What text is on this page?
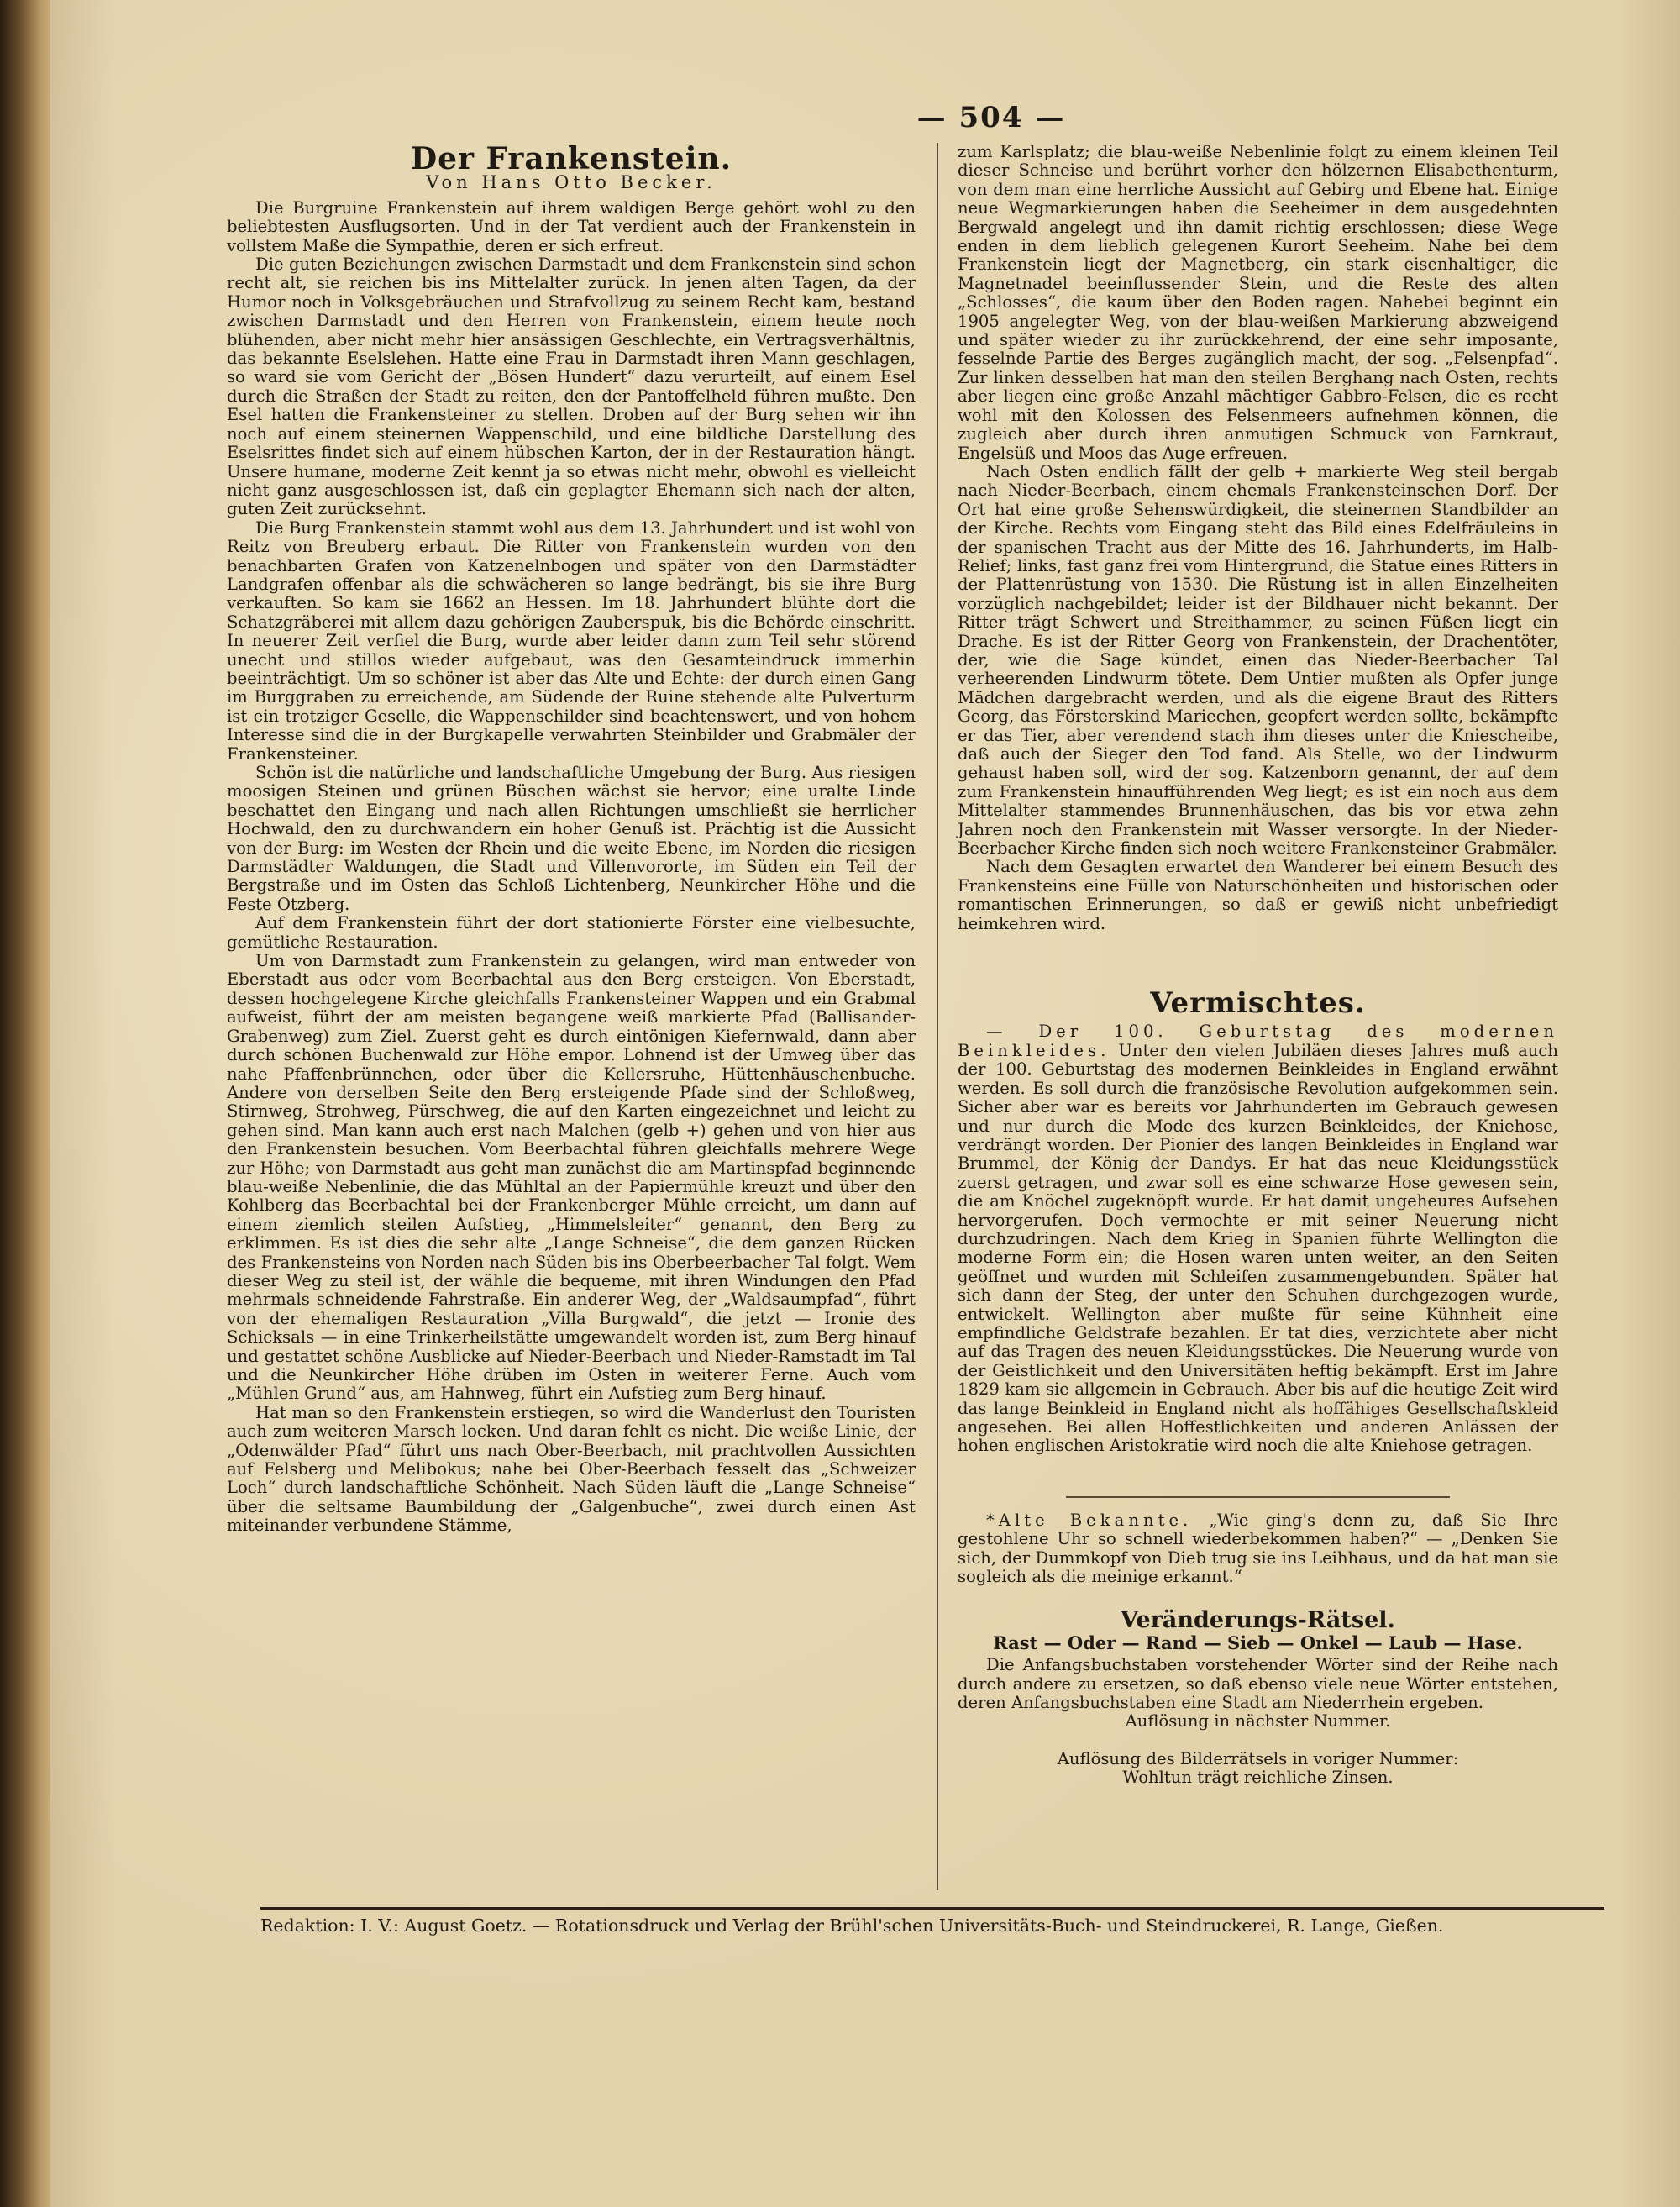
— 504 —
Der Frankenstein.
Von Hans Otto Becker.

Die Burgruine Frankenstein auf ihrem waldigen Berge gehört wohl zu den beliebtesten Ausflugsorten. Und in der Tat verdient auch der Frankenstein in vollstem Maße die Sympathie, deren er sich erfreut.

Die guten Beziehungen zwischen Darmstadt und dem Frankenstein sind schon recht alt, sie reichen bis ins Mittelalter zurück. In jenen alten Tagen, da der Humor noch in Volksgebräuchen und Strafvollzug zu seinem Recht kam, bestand zwischen Darmstadt und den Herren von Frankenstein, einem heute noch blühenden, aber nicht mehr hier ansässigen Geschlechte, ein Vertragsverhältnis, das bekannte Eselslehen. Hatte eine Frau in Darmstadt ihren Mann geschlagen, so ward sie vom Gericht der „Bösen Hundert“ dazu verurteilt, auf einem Esel durch die Straßen der Stadt zu reiten, den der Pantoffelheld führen mußte. Den Esel hatten die Frankensteiner zu stellen. Droben auf der Burg sehen wir ihn noch auf einem steinernen Wappenschild, und eine bildliche Darstellung des Eselsrittes findet sich auf einem hübschen Karton, der in der Restauration hängt. Unsere humane, moderne Zeit kennt ja so etwas nicht mehr, obwohl es vielleicht nicht ganz ausgeschlossen ist, daß ein geplagter Ehemann sich nach der alten, guten Zeit zurücksehnt.

Die Burg Frankenstein stammt wohl aus dem 13. Jahrhundert und ist wohl von Reitz von Breuberg erbaut. Die Ritter von Frankenstein wurden von den benachbarten Grafen von Katzenelnbogen und später von den Darmstädter Landgrafen offenbar als die schwächeren so lange bedrängt, bis sie ihre Burg verkauften. So kam sie 1662 an Hessen. Im 18. Jahrhundert blühte dort die Schatzgräberei mit allem dazu gehörigen Zauberspuk, bis die Behörde einschritt. In neuerer Zeit verfiel die Burg, wurde aber leider dann zum Teil sehr störend unecht und stillos wieder aufgebaut, was den Gesamteindruck immerhin beeinträchtigt. Um so schöner ist aber das Alte und Echte: der durch einen Gang im Burggraben zu erreichende, am Südende der Ruine stehende alte Pulverturm ist ein trotziger Geselle, die Wappenschilder sind beachtenswert, und von hohem Interesse sind die in der Burgkapelle verwahrten Steinbilder und Grabmäler der Frankensteiner.

Schön ist die natürliche und landschaftliche Umgebung der Burg. Aus riesigen moosigen Steinen und grünen Büschen wächst sie hervor; eine uralte Linde beschattet den Eingang und nach allen Richtungen umschließt sie herrlicher Hochwald, den zu durchwandern ein hoher Genuß ist. Prächtig ist die Aussicht von der Burg: im Westen der Rhein und die weite Ebene, im Norden die riesigen Darmstädter Waldungen, die Stadt und Villenvororte, im Süden ein Teil der Bergstraße und im Osten das Schloß Lichtenberg, Neunkircher Höhe und die Feste Otzberg.

Auf dem Frankenstein führt der dort stationierte Förster eine vielbesuchte, gemütliche Restauration.

Um von Darmstadt zum Frankenstein zu gelangen, wird man entweder von Eberstadt aus oder vom Beerbachtal aus den Berg ersteigen. Von Eberstadt, dessen hochgelegene Kirche gleichfalls Frankensteiner Wappen und ein Grabmal aufweist, führt der am meisten begangene weiß markierte Pfad (Ballisander-Grabenweg) zum Ziel. Zuerst geht es durch eintönigen Kiefernwald, dann aber durch schönen Buchenwald zur Höhe empor. Lohnend ist der Umweg über das nahe Pfaffenbrünnchen, oder über die Kellersruhe, Hüttenhäuschenbuche. Andere von derselben Seite den Berg ersteigende Pfade sind der Schloßweg, Stirnweg, Strohweg, Pürschweg, die auf den Karten eingezeichnet und leicht zu gehen sind. Man kann auch erst nach Malchen (gelb +) gehen und von hier aus den Frankenstein besuchen. Vom Beerbachtal führen gleichfalls mehrere Wege zur Höhe; von Darmstadt aus geht man zunächst die am Martinspfad beginnende blau-weiße Nebenlinie, die das Mühltal an der Papiermühle kreuzt und über den Kohlberg das Beerbachtal bei der Frankenberger Mühle erreicht, um dann auf einem ziemlich steilen Aufstieg, „Himmelsleiter“ genannt, den Berg zu erklimmen. Es ist dies die sehr alte „Lange Schneise“, die dem ganzen Rücken des Frankensteins von Norden nach Süden bis ins Oberbeerbacher Tal folgt. Wem dieser Weg zu steil ist, der wähle die bequeme, mit ihren Windungen den Pfad mehrmals schneidende Fahrstraße. Ein anderer Weg, der „Waldsaumpfad“, führt von der ehemaligen Restauration „Villa Burgwald“, die jetzt — Ironie des Schicksals — in eine Trinkerheilstätte umgewandelt worden ist, zum Berg hinauf und gestattet schöne Ausblicke auf Nieder-Beerbach und Nieder-Ramstadt im Tal und die Neunkircher Höhe drüben im Osten in weiterer Ferne. Auch vom „Mühlen Grund“ aus, am Hahnweg, führt ein Aufstieg zum Berg hinauf.

Hat man so den Frankenstein erstiegen, so wird die Wanderlust den Touristen auch zum weiteren Marsch locken. Und daran fehlt es nicht. Die weiße Linie, der „Odenwälder Pfad“ führt uns nach Ober-Beerbach, mit prachtvollen Aussichten auf Felsberg und Melibokus; nahe bei Ober-Beerbach fesselt das „Schweizer Loch“ durch landschaftliche Schönheit. Nach Süden läuft die „Lange Schneise“ über die seltsame Baumbildung der „Galgenbuche“, zwei durch einen Ast miteinander verbundene Stämme,

zum Karlsplatz; die blau-weiße Nebenlinie folgt zu einem kleinen Teil dieser Schneise und berührt vorher den hölzernen Elisabethenturm, von dem man eine herrliche Aussicht auf Gebirg und Ebene hat. Einige neue Wegmarkierungen haben die Seeheimer in dem ausgedehnten Bergwald angelegt und ihn damit richtig erschlossen; diese Wege enden in dem lieblich gelegenen Kurort Seeheim. Nahe bei dem Frankenstein liegt der Magnetberg, ein stark eisenhaltiger, die Magnetnadel beeinflussender Stein, und die Reste des alten „Schlosses“, die kaum über den Boden ragen. Nahebei beginnt ein 1905 angelegter Weg, von der blau-weißen Markierung abzweigend und später wieder zu ihr zurückkehrend, der eine sehr imposante, fesselnde Partie des Berges zugänglich macht, der sog. „Felsenpfad“. Zur linken desselben hat man den steilen Berghang nach Osten, rechts aber liegen eine große Anzahl mächtiger Gabbro-Felsen, die es recht wohl mit den Kolossen des Felsenmeers aufnehmen können, die zugleich aber durch ihren anmutigen Schmuck von Farnkraut, Engelsüß und Moos das Auge erfreuen.

Nach Osten endlich fällt der gelb + markierte Weg steil bergab nach Nieder-Beerbach, einem ehemals Frankensteinschen Dorf. Der Ort hat eine große Sehenswürdigkeit, die steinernen Standbilder an der Kirche. Rechts vom Eingang steht das Bild eines Edelfräuleins in der spanischen Tracht aus der Mitte des 16. Jahrhunderts, im Halb-Relief; links, fast ganz frei vom Hintergrund, die Statue eines Ritters in der Plattenrüstung von 1530. Die Rüstung ist in allen Einzelheiten vorzüglich nachgebildet; leider ist der Bildhauer nicht bekannt. Der Ritter trägt Schwert und Streithammer, zu seinen Füßen liegt ein Drache. Es ist der Ritter Georg von Frankenstein, der Drachentöter, der, wie die Sage kündet, einen das Nieder-Beerbacher Tal verheerenden Lindwurm tötete. Dem Untier mußten als Opfer junge Mädchen dargebracht werden, und als die eigene Braut des Ritters Georg, das Försterskind Mariechen, geopfert werden sollte, bekämpfte er das Tier, aber verendend stach ihm dieses unter die Kniescheibe, daß auch der Sieger den Tod fand. Als Stelle, wo der Lindwurm gehaust haben soll, wird der sog. Katzenborn genannt, der auf dem zum Frankenstein hinaufführenden Weg liegt; es ist ein noch aus dem Mittelalter stammendes Brunnenhäuschen, das bis vor etwa zehn Jahren noch den Frankenstein mit Wasser versorgte. In der Nieder-Beerbacher Kirche finden sich noch weitere Frankensteiner Grabmäler.

Nach dem Gesagten erwartet den Wanderer bei einem Besuch des Frankensteins eine Fülle von Naturschönheiten und historischen oder romantischen Erinnerungen, so daß er gewiß nicht unbefriedigt heimkehren wird.

Vermischtes.

— Der 100. Geburtstag des modernen Beinkleides. Unter den vielen Jubiläen dieses Jahres muß auch der 100. Geburtstag des modernen Beinkleides in England erwähnt werden. Es soll durch die französische Revolution aufgekommen sein. Sicher aber war es bereits vor Jahrhunderten im Gebrauch gewesen und nur durch die Mode des kurzen Beinkleides, der Kniehose, verdrängt worden. Der Pionier des langen Beinkleides in England war Brummel, der König der Dandys. Er hat das neue Kleidungsstück zuerst getragen, und zwar soll es eine schwarze Hose gewesen sein, die am Knöchel zugeknöpft wurde. Er hat damit ungeheures Aufsehen hervorgerufen. Doch vermochte er mit seiner Neuerung nicht durchzudringen. Nach dem Krieg in Spanien führte Wellington die moderne Form ein; die Hosen waren unten weiter, an den Seiten geöffnet und wurden mit Schleifen zusammengebunden. Später hat sich dann der Steg, der unter den Schuhen durchgezogen wurde, entwickelt. Wellington aber mußte für seine Kühnheit eine empfindliche Geldstrafe bezahlen. Er tat dies, verzichtete aber nicht auf das Tragen des neuen Kleidungsstückes. Die Neuerung wurde von der Geistlichkeit und den Universitäten heftig bekämpft. Erst im Jahre 1829 kam sie allgemein in Gebrauch. Aber bis auf die heutige Zeit wird das lange Beinkleid in England nicht als hoffähiges Gesellschaftskleid angesehen. Bei allen Hoffestlichkeiten und anderen Anlässen der hohen englischen Aristokratie wird noch die alte Kniehose getragen.

*Alte Bekannte. „Wie ging's denn zu, daß Sie Ihre gestohlene Uhr so schnell wiederbekommen haben?“ — „Denken Sie sich, der Dummkopf von Dieb trug sie ins Leihhaus, und da hat man sie sogleich als die meinige erkannt.“

Veränderungs-Rätsel.
Rast — Oder — Rand — Sieb — Onkel — Laub — Hase.

Die Anfangsbuchstaben vorstehender Wörter sind der Reihe nach durch andere zu ersetzen, so daß ebenso viele neue Wörter entstehen, deren Anfangsbuchstaben eine Stadt am Niederrhein ergeben.

Auflösung in nächster Nummer.

Auflösung des Bilderrätsels in voriger Nummer:

Wohltun trägt reichliche Zinsen.

Redaktion: I. V.: August Goetz. — Rotationsdruck und Verlag der Brühl'schen Universitäts-Buch- und Steindruckerei, R. Lange, Gießen.
